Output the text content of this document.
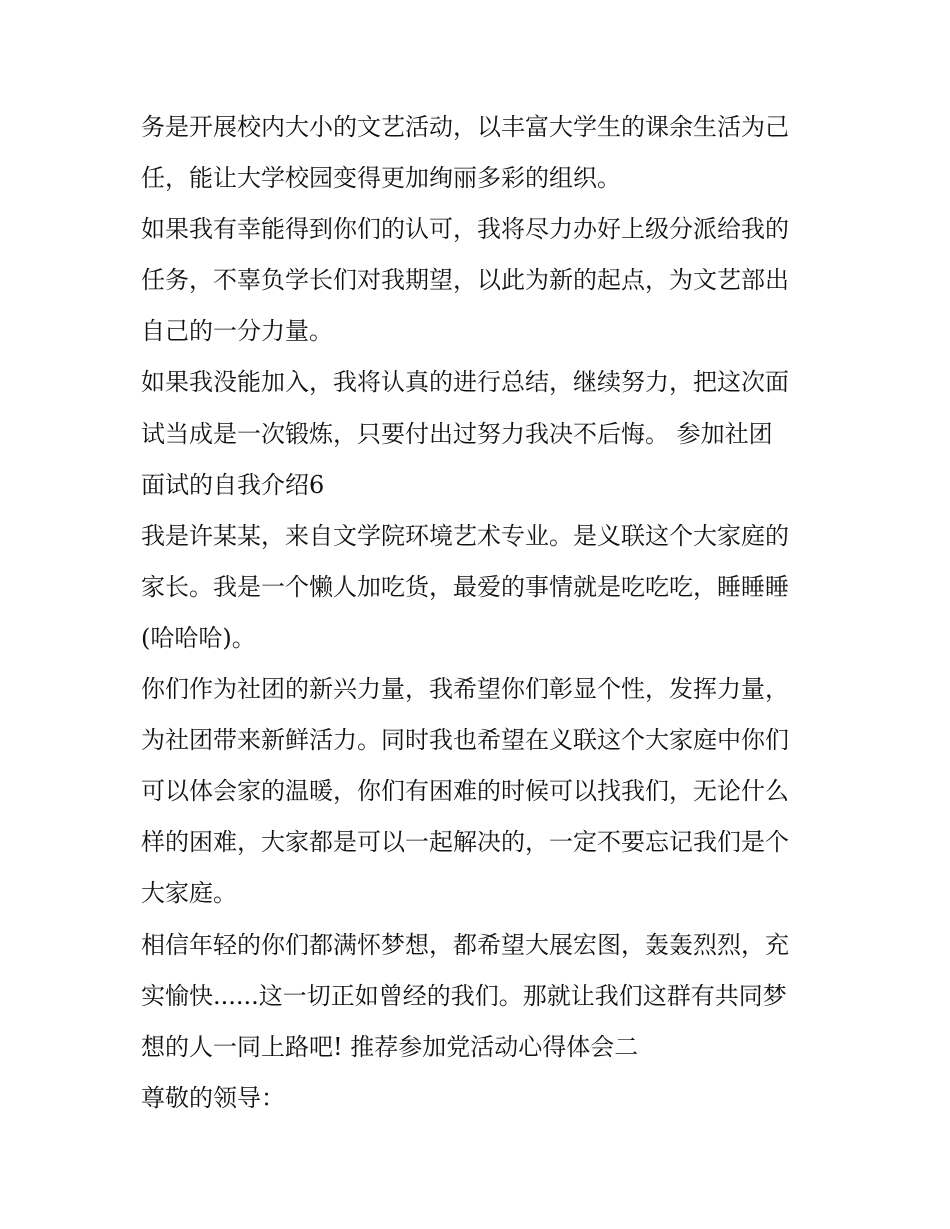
务是开展校内大小的文艺活动，以丰富大学生的课余生活为己
任，能让大学校园变得更加绚丽多彩的组织。
如果我有幸能得到你们的认可，我将尽力办好上级分派给我的
任务，不辜负学长们对我期望，以此为新的起点，为文艺部出
自己的一分力量。
如果我没能加入，我将认真的进行总结，继续努力，把这次面
试当成是一次锻炼，只要付出过努力我决不后悔。 参加社团
面试的自我介绍6
我是许某某，来自文学院环境艺术专业。是义联这个大家庭的
家长。我是一个懒人加吃货，最爱的事情就是吃吃吃，睡睡睡
(哈哈哈)。
你们作为社团的新兴力量，我希望你们彰显个性，发挥力量，
为社团带来新鲜活力。同时我也希望在义联这个大家庭中你们
可以体会家的温暖，你们有困难的时候可以找我们，无论什么
样的困难，大家都是可以一起解决的，一定不要忘记我们是个
大家庭。
相信年轻的你们都满怀梦想，都希望大展宏图，轰轰烈烈，充
实愉快......这一切正如曾经的我们。那就让我们这群有共同梦
想的人一同上路吧! 推荐参加党活动心得体会二
尊敬的领导：
